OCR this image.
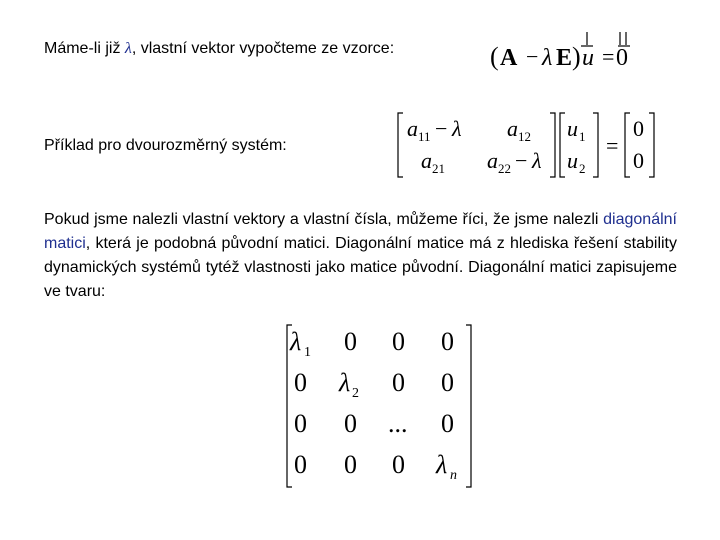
Máme-li již λ, vlastní vektor vypočteme ze vzorce:	( A − λ E ) u = 0
Příklad pro dvourozměrný systém:
a 11 − λ a 12
a 21 a 22 − λ
u 1
u 2
=
0
0
Pokud jsme nalezli vlastní vektory a vlastní čísla, můžeme říci, že jsme nalezli diagonální matici, která je podobná původní matici. Diagonální matice má z hlediska řešení stability dynamických systémů tytéž vlastnosti jako matice původní. Diagonální matici zapisujeme ve tvaru:
λ 1 0 0 0
0 λ 2 0 0
0 0 ... 0
0 0 0 λ n
